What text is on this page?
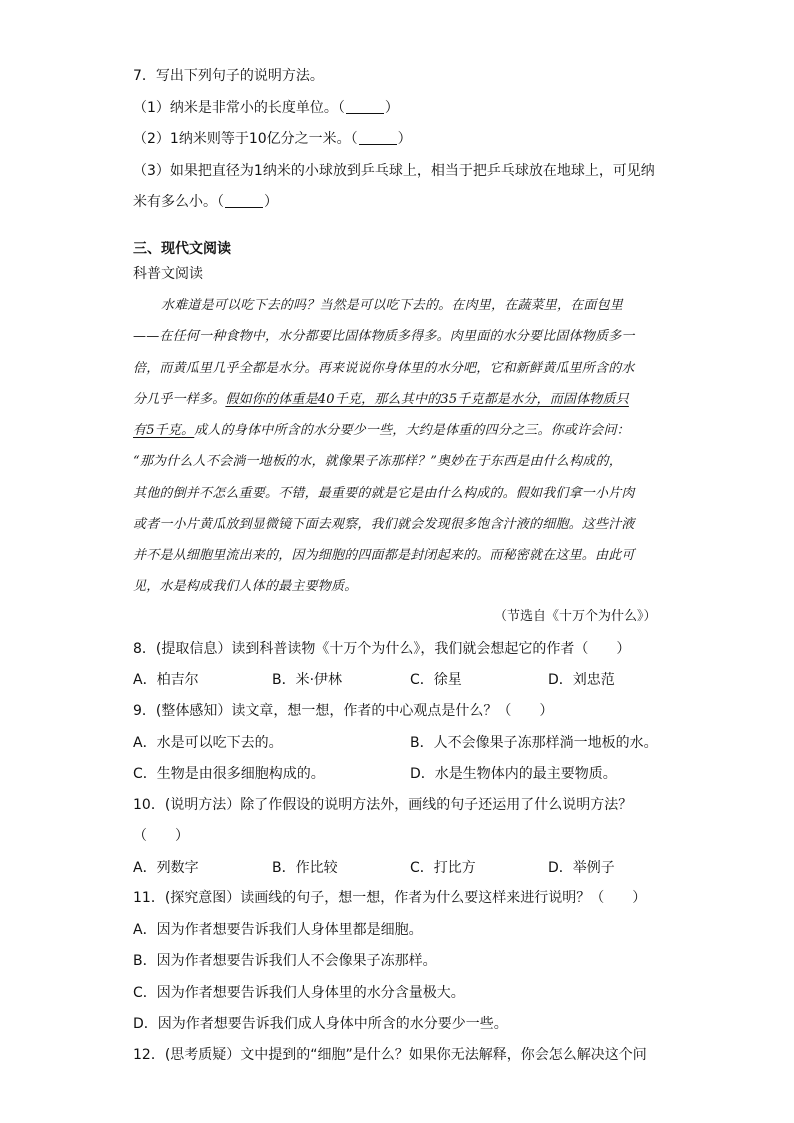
7．写出下列句子的说明方法。
（1）纳米是非常小的长度单位。（	）
（2）1纳米则等于10亿分之一米。（	）
（3）如果把直径为1纳米的小球放到乒乓球上，相当于把乒乓球放在地球上，可见纳
米有多么小。（	）
三、现代文阅读
科普文阅读
水难道是可以吃下去的吗？当然是可以吃下去的。在肉里，在蔬菜里，在面包里
——在任何一种食物中，水分都要比固体物质多得多。肉里面的水分要比固体物质多一
倍，而黄瓜里几乎全都是水分。再来说说你身体里的水分吧，它和新鲜黄瓜里所含的水
分几乎一样多。假如你的体重是40千克，那么其中的35千克都是水分，而固体物质只
有5千克。成人的身体中所含的水分要少一些，大约是体重的四分之三。你或许会问：
“那为什么人不会淌一地板的水，就像果子冻那样？”奥妙在于东西是由什么构成的，
其他的倒并不怎么重要。不错，最重要的就是它是由什么构成的。假如我们拿一小片肉
或者一小片黄瓜放到显微镜下面去观察，我们就会发现很多饱含汁液的细胞。这些汁液
并不是从细胞里流出来的，因为细胞的四面都是封闭起来的。而秘密就在这里。由此可
见，水是构成我们人体的最主要物质。
（节选自《十万个为什么》）
8．(提取信息）读到科普读物《十万个为什么》，我们就会想起它的作者（　　）
A．柏吉尔	B．米·伊林	C．徐星	D．刘忠范
9．(整体感知）读文章，想一想，作者的中心观点是什么？（　　）
A．水是可以吃下去的。	B．人不会像果子冻那样淌一地板的水。
C．生物是由很多细胞构成的。	D．水是生物体内的最主要物质。
10．(说明方法）除了作假设的说明方法外，画线的句子还运用了什么说明方法？
（　　）
A．列数字	B．作比较	C．打比方	D．举例子
11．(探究意图）读画线的句子，想一想，作者为什么要这样来进行说明？（　　）
A．因为作者想要告诉我们人身体里都是细胞。
B．因为作者想要告诉我们人不会像果子冻那样。
C．因为作者想要告诉我们人身体里的水分含量极大。
D．因为作者想要告诉我们成人身体中所含的水分要少一些。
12．(思考质疑）文中提到的“细胞”是什么？如果你无法解释，你会怎么解决这个问
